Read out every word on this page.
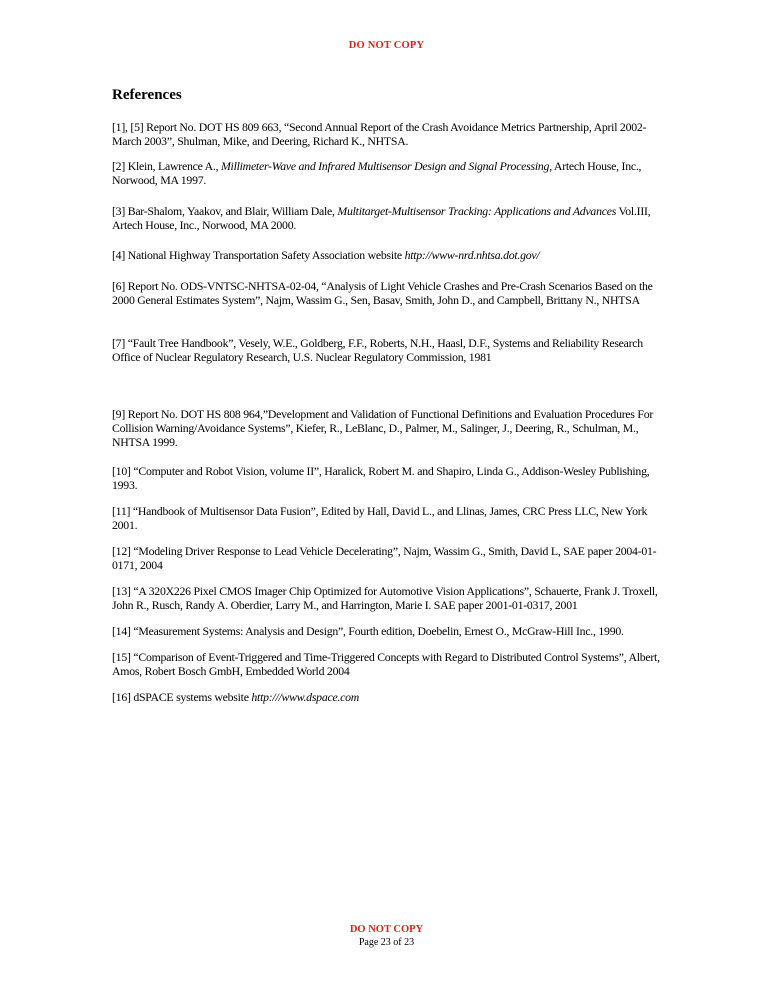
DO NOT COPY
References
[1], [5] Report No. DOT HS 809 663, “Second Annual Report of the Crash Avoidance Metrics Partnership, April 2002-March 2003”, Shulman, Mike, and Deering, Richard K., NHTSA.
[2] Klein, Lawrence A., Millimeter-Wave and Infrared Multisensor Design and Signal Processing, Artech House, Inc., Norwood, MA 1997.
[3] Bar-Shalom, Yaakov, and Blair, William Dale, Multitarget-Multisensor Tracking: Applications and Advances Vol.III, Artech House, Inc., Norwood, MA 2000.
[4] National Highway Transportation Safety Association website http://www-nrd.nhtsa.dot.gov/
[6] Report No. ODS-VNTSC-NHTSA-02-04, “Analysis of Light Vehicle Crashes and Pre-Crash Scenarios Based on the 2000 General Estimates System”, Najm, Wassim G., Sen, Basav, Smith, John D., and Campbell, Brittany N., NHTSA
[7] “Fault Tree Handbook”, Vesely, W.E., Goldberg, F.F., Roberts, N.H., Haasl, D.F., Systems and Reliability Research Office of Nuclear Regulatory Research, U.S. Nuclear Regulatory Commission, 1981
[9] Report No. DOT HS 808 964,”Development and Validation of Functional Definitions and Evaluation Procedures For Collision Warning/Avoidance Systems”, Kiefer, R., LeBlanc, D., Palmer, M., Salinger, J., Deering, R., Schulman, M., NHTSA 1999.
[10] “Computer and Robot Vision, volume II”, Haralick, Robert M. and Shapiro, Linda G., Addison-Wesley Publishing, 1993.
[11] “Handbook of Multisensor Data Fusion”, Edited by Hall, David L., and Llinas, James, CRC Press LLC, New York 2001.
[12] “Modeling Driver Response to Lead Vehicle Decelerating”, Najm, Wassim G., Smith, David L, SAE paper 2004-01-0171, 2004
[13] “A 320X226 Pixel CMOS Imager Chip Optimized for Automotive Vision Applications”, Schauerte, Frank J. Troxell, John R., Rusch, Randy A. Oberdier, Larry M., and Harrington, Marie I. SAE paper 2001-01-0317, 2001
[14] “Measurement Systems: Analysis and Design”, Fourth edition, Doebelin, Ernest O., McGraw-Hill Inc., 1990.
[15] “Comparison of Event-Triggered and Time-Triggered Concepts with Regard to Distributed Control Systems”, Albert, Amos, Robert Bosch GmbH, Embedded World 2004
[16] dSPACE systems website http:///www.dspace.com
DO NOT COPY
Page 23 of 23
